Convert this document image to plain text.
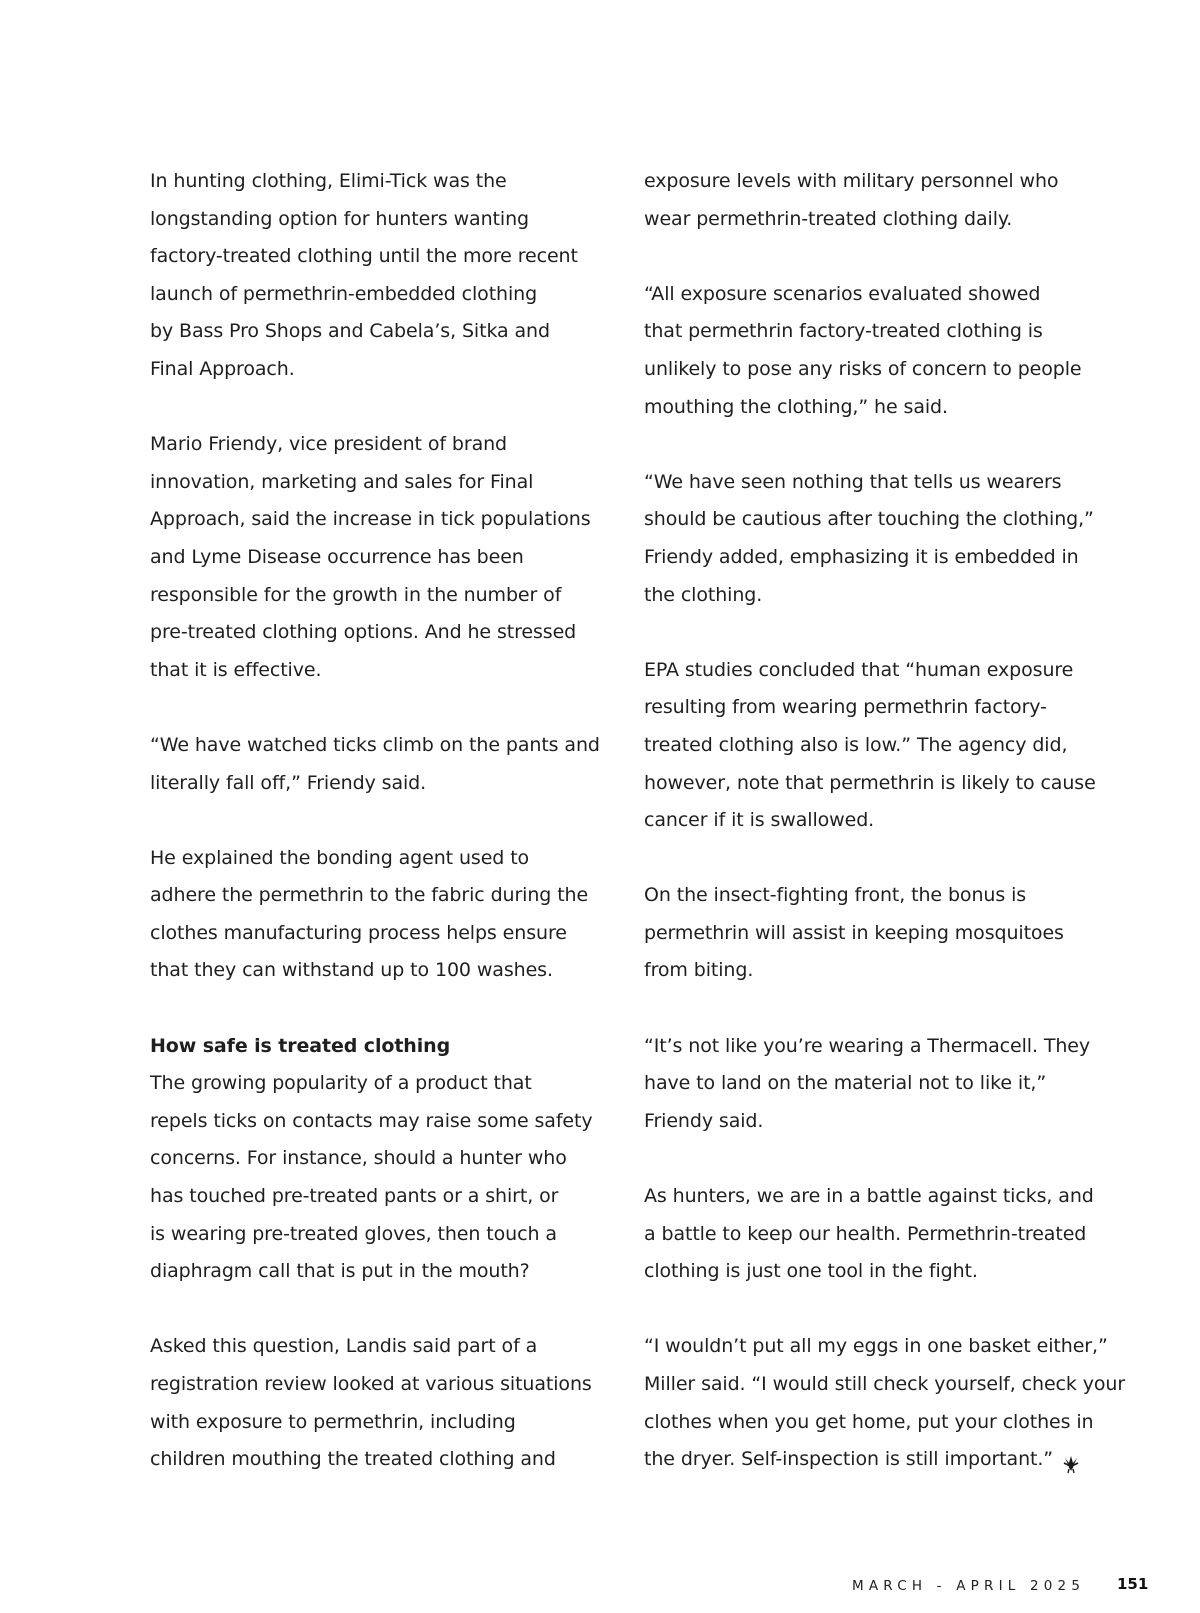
In hunting clothing, Elimi-Tick was the
longstanding option for hunters wanting
factory-treated clothing until the more recent
launch of permethrin-embedded clothing
by Bass Pro Shops and Cabela’s, Sitka and
Final Approach.
Mario Friendy, vice president of brand
innovation, marketing and sales for Final
Approach, said the increase in tick populations
and Lyme Disease occurrence has been
responsible for the growth in the number of
pre-treated clothing options. And he stressed
that it is effective.
“We have watched ticks climb on the pants and
literally fall off,” Friendy said.
He explained the bonding agent used to
adhere the permethrin to the fabric during the
clothes manufacturing process helps ensure
that they can withstand up to 100 washes.
How safe is treated clothing
The growing popularity of a product that
repels ticks on contacts may raise some safety
concerns. For instance, should a hunter who
has touched pre-treated pants or a shirt, or
is wearing pre-treated gloves, then touch a
diaphragm call that is put in the mouth?
Asked this question, Landis said part of a
registration review looked at various situations
with exposure to permethrin, including
children mouthing the treated clothing and
exposure levels with military personnel who
wear permethrin-treated clothing daily.
“All exposure scenarios evaluated showed
that permethrin factory-treated clothing is
unlikely to pose any risks of concern to people
mouthing the clothing,” he said.
“We have seen nothing that tells us wearers
should be cautious after touching the clothing,”
Friendy added, emphasizing it is embedded in
the clothing.
EPA studies concluded that “human exposure
resulting from wearing permethrin factory-
treated clothing also is low.” The agency did,
however, note that permethrin is likely to cause
cancer if it is swallowed.
On the insect-fighting front, the bonus is
permethrin will assist in keeping mosquitoes
from biting.
“It’s not like you’re wearing a Thermacell. They
have to land on the material not to like it,”
Friendy said.
As hunters, we are in a battle against ticks, and
a battle to keep our health. Permethrin-treated
clothing is just one tool in the fight.
“I wouldn’t put all my eggs in one basket either,”
Miller said. “I would still check yourself, check your
clothes when you get home, put your clothes in
the dryer. Self-inspection is still important.”
MARCH - APRIL 2025 151
